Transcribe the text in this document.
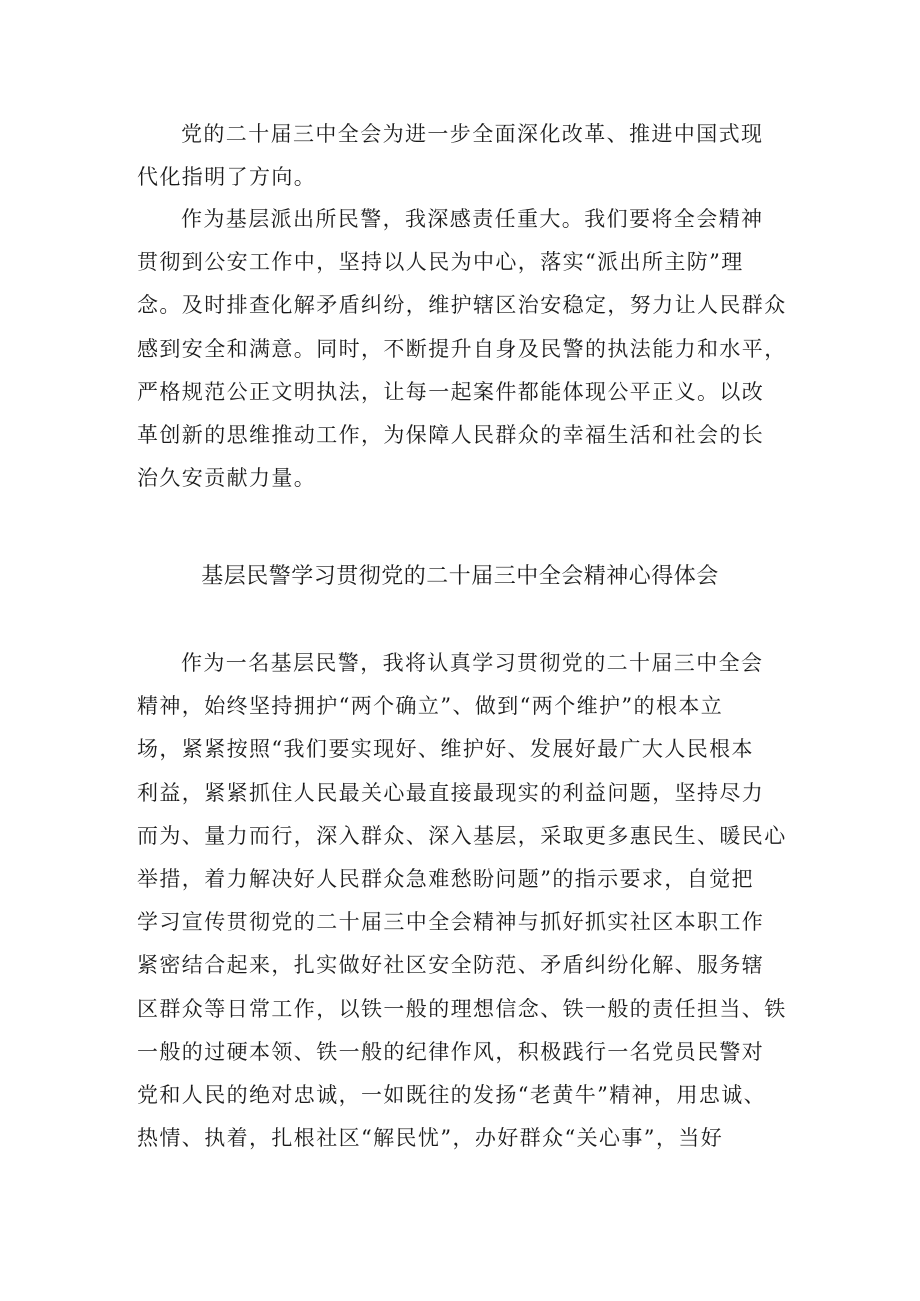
党的二十届三中全会为进一步全面深化改革、推进中国式现
代化指明了方向。
作为基层派出所民警，我深感责任重大。我们要将全会精神
贯彻到公安工作中，坚持以人民为中心，落实“派出所主防”理
念。及时排查化解矛盾纠纷，维护辖区治安稳定，努力让人民群众
感到安全和满意。同时，不断提升自身及民警的执法能力和水平，
严格规范公正文明执法，让每一起案件都能体现公平正义。以改
革创新的思维推动工作，为保障人民群众的幸福生活和社会的长
治久安贡献力量。
基层民警学习贯彻党的二十届三中全会精神心得体会
作为一名基层民警，我将认真学习贯彻党的二十届三中全会
精神，始终坚持拥护“两个确立”、做到“两个维护”的根本立
场，紧紧按照“我们要实现好、维护好、发展好最广大人民根本
利益，紧紧抓住人民最关心最直接最现实的利益问题，坚持尽力
而为、量力而行，深入群众、深入基层，采取更多惠民生、暖民心
举措，着力解决好人民群众急难愁盼问题”的指示要求，自觉把
学习宣传贯彻党的二十届三中全会精神与抓好抓实社区本职工作
紧密结合起来，扎实做好社区安全防范、矛盾纠纷化解、服务辖
区群众等日常工作，以铁一般的理想信念、铁一般的责任担当、铁
一般的过硬本领、铁一般的纪律作风，积极践行一名党员民警对
党和人民的绝对忠诚，一如既往的发扬“老黄牛”精神，用忠诚、
热情、执着，扎根社区“解民忧”，办好群众“关心事”，当好
